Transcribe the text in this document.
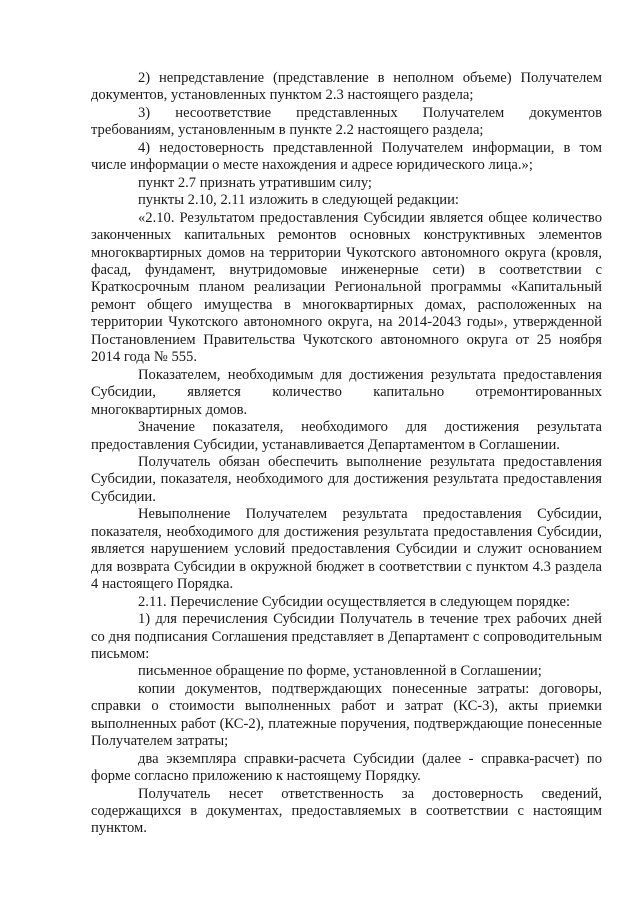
2) непредставление (представление в неполном объеме) Получателем документов, установленных пунктом 2.3 настоящего раздела;

3) несоответствие представленных Получателем документов требованиям, установленным в пункте 2.2 настоящего раздела;

4) недостоверность представленной Получателем информации, в том числе информации о месте нахождения и адресе юридического лица.»;

пункт 2.7 признать утратившим силу;

пункты 2.10, 2.11 изложить в следующей редакции:

«2.10. Результатом предоставления Субсидии является общее количество законченных капитальных ремонтов основных конструктивных элементов многоквартирных домов на территории Чукотского автономного округа (кровля, фасад, фундамент, внутридомовые инженерные сети) в соответствии с Краткосрочным планом реализации Региональной программы «Капитальный ремонт общего имущества в многоквартирных домах, расположенных на территории Чукотского автономного округа, на 2014-2043 годы», утвержденной Постановлением Правительства Чукотского автономного округа от 25 ноября 2014 года № 555.

Показателем, необходимым для достижения результата предоставления Субсидии, является количество капитально отремонтированных многоквартирных домов.

Значение показателя, необходимого для достижения результата предоставления Субсидии, устанавливается Департаментом в Соглашении.

Получатель обязан обеспечить выполнение результата предоставления Субсидии, показателя, необходимого для достижения результата предоставления Субсидии.

Невыполнение Получателем результата предоставления Субсидии, показателя, необходимого для достижения результата предоставления Субсидии, является нарушением условий предоставления Субсидии и служит основанием для возврата Субсидии в окружной бюджет в соответствии с пунктом 4.3 раздела 4 настоящего Порядка.

2.11. Перечисление Субсидии осуществляется в следующем порядке:

1) для перечисления Субсидии Получатель в течение трех рабочих дней со дня подписания Соглашения представляет в Департамент с сопроводительным письмом:

письменное обращение по форме, установленной в Соглашении;

копии документов, подтверждающих понесенные затраты: договоры, справки о стоимости выполненных работ и затрат (КС-3), акты приемки выполненных работ (КС-2), платежные поручения, подтверждающие понесенные Получателем затраты;

два экземпляра справки-расчета Субсидии (далее - справка-расчет) по форме согласно приложению к настоящему Порядку.

Получатель несет ответственность за достоверность сведений, содержащихся в документах, предоставляемых в соответствии с настоящим пунктом.
